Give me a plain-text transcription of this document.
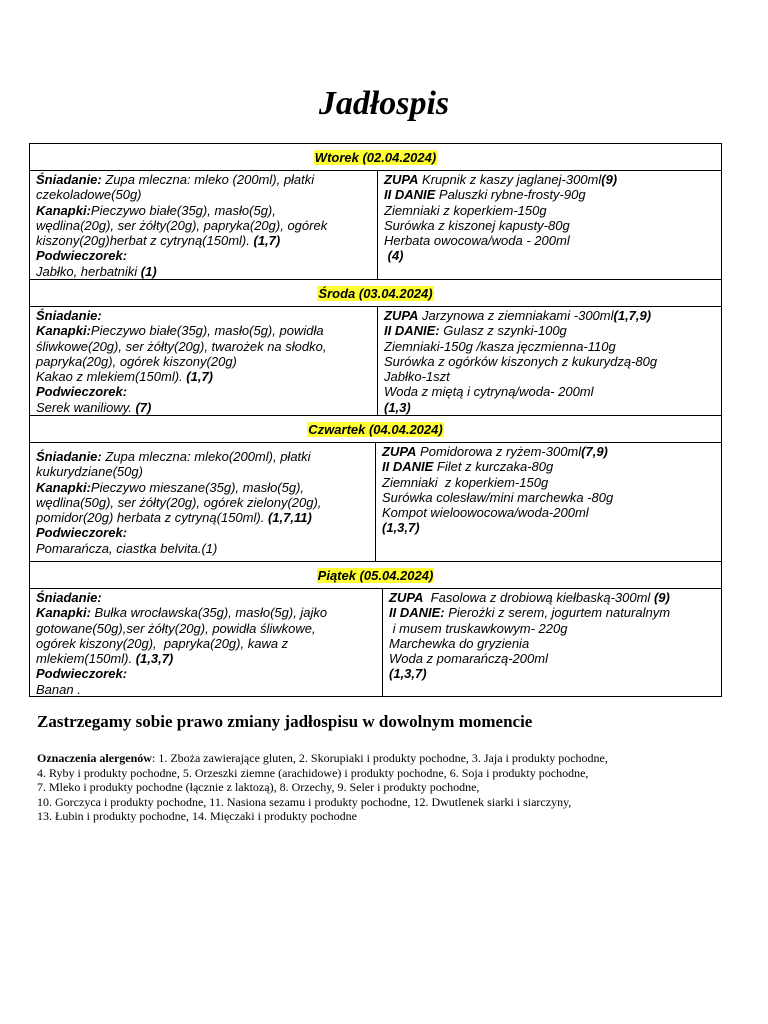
Jadłospis
Wtorek (02.04.2024)
Śniadanie: Zupa mleczna: mleko (200ml), płatki
czekoladowe(50g)
Kanapki:Pieczywo białe(35g), masło(5g),
wędlina(20g), ser żółty(20g), papryka(20g), ogórek
kiszony(20g)herbat z cytryną(150ml). (1,7)
Podwieczorek:
Jabłko, herbatniki (1)
ZUPA Krupnik z kaszy jaglanej-300ml(9)
II DANIE Paluszki rybne-frosty-90g
Ziemniaki z koperkiem-150g
Surówka z kiszonej kapusty-80g
Herbata owocowa/woda - 200ml
(4)
Środa (03.04.2024)
Śniadanie:
Kanapki:Pieczywo białe(35g), masło(5g), powidła
śliwkowe(20g), ser żółty(20g), twarożek na słodko,
papryka(20g), ogórek kiszony(20g)
Kakao z mlekiem(150ml). (1,7)
Podwieczorek:
Serek waniliowy. (7)
ZUPA Jarzynowa z ziemniakami -300ml(1,7,9)
II DANIE: Gulasz z szynki-100g
Ziemniaki-150g /kasza jęczmienna-110g
Surówka z ogórków kiszonych z kukurydzą-80g
Jabłko-1szt
Woda z miętą i cytryną/woda- 200ml
(1,3)
Czwartek (04.04.2024)
Śniadanie: Zupa mleczna: mleko(200ml), płatki
kukurydziane(50g)
Kanapki:Pieczywo mieszane(35g), masło(5g),
wędlina(50g), ser żółty(20g), ogórek zielony(20g),
pomidor(20g) herbata z cytryną(150ml). (1,7,11)
Podwieczorek:
Pomarańcza, ciastka belvita.(1)
ZUPA Pomidorowa z ryżem-300ml(7,9)
II DANIE Filet z kurczaka-80g
Ziemniaki  z koperkiem-150g
Surówka colesław/mini marchewka -80g
Kompot wieloowocowa/woda-200ml
(1,3,7)
Piątek (05.04.2024)
Śniadanie:
Kanapki: Bułka wrocławska(35g), masło(5g), jajko
gotowane(50g),ser żółty(20g), powidła śliwkowe,
ogórek kiszony(20g),  papryka(20g), kawa z
mlekiem(150ml). (1,3,7)
Podwieczorek:
Banan .
ZUPA  Fasolowa z drobiową kiełbaską-300ml (9)
II DANIE: Pierożki z serem, jogurtem naturalnym
i musem truskawkowym- 220g
Marchewka do gryzienia
Woda z pomarańczą-200ml
(1,3,7)
Zastrzegamy sobie prawo zmiany jadłospisu w dowolnym momencie
Oznaczenia alergenów: 1. Zboża zawierające gluten, 2. Skorupiaki i produkty pochodne, 3. Jaja i produkty pochodne,
4. Ryby i produkty pochodne, 5. Orzeszki ziemne (arachidowe) i produkty pochodne, 6. Soja i produkty pochodne,
7. Mleko i produkty pochodne (łącznie z laktozą), 8. Orzechy, 9. Seler i produkty pochodne,
10. Gorczyca i produkty pochodne, 11. Nasiona sezamu i produkty pochodne, 12. Dwutlenek siarki i siarczyny,
13. Łubin i produkty pochodne, 14. Mięczaki i produkty pochodne
